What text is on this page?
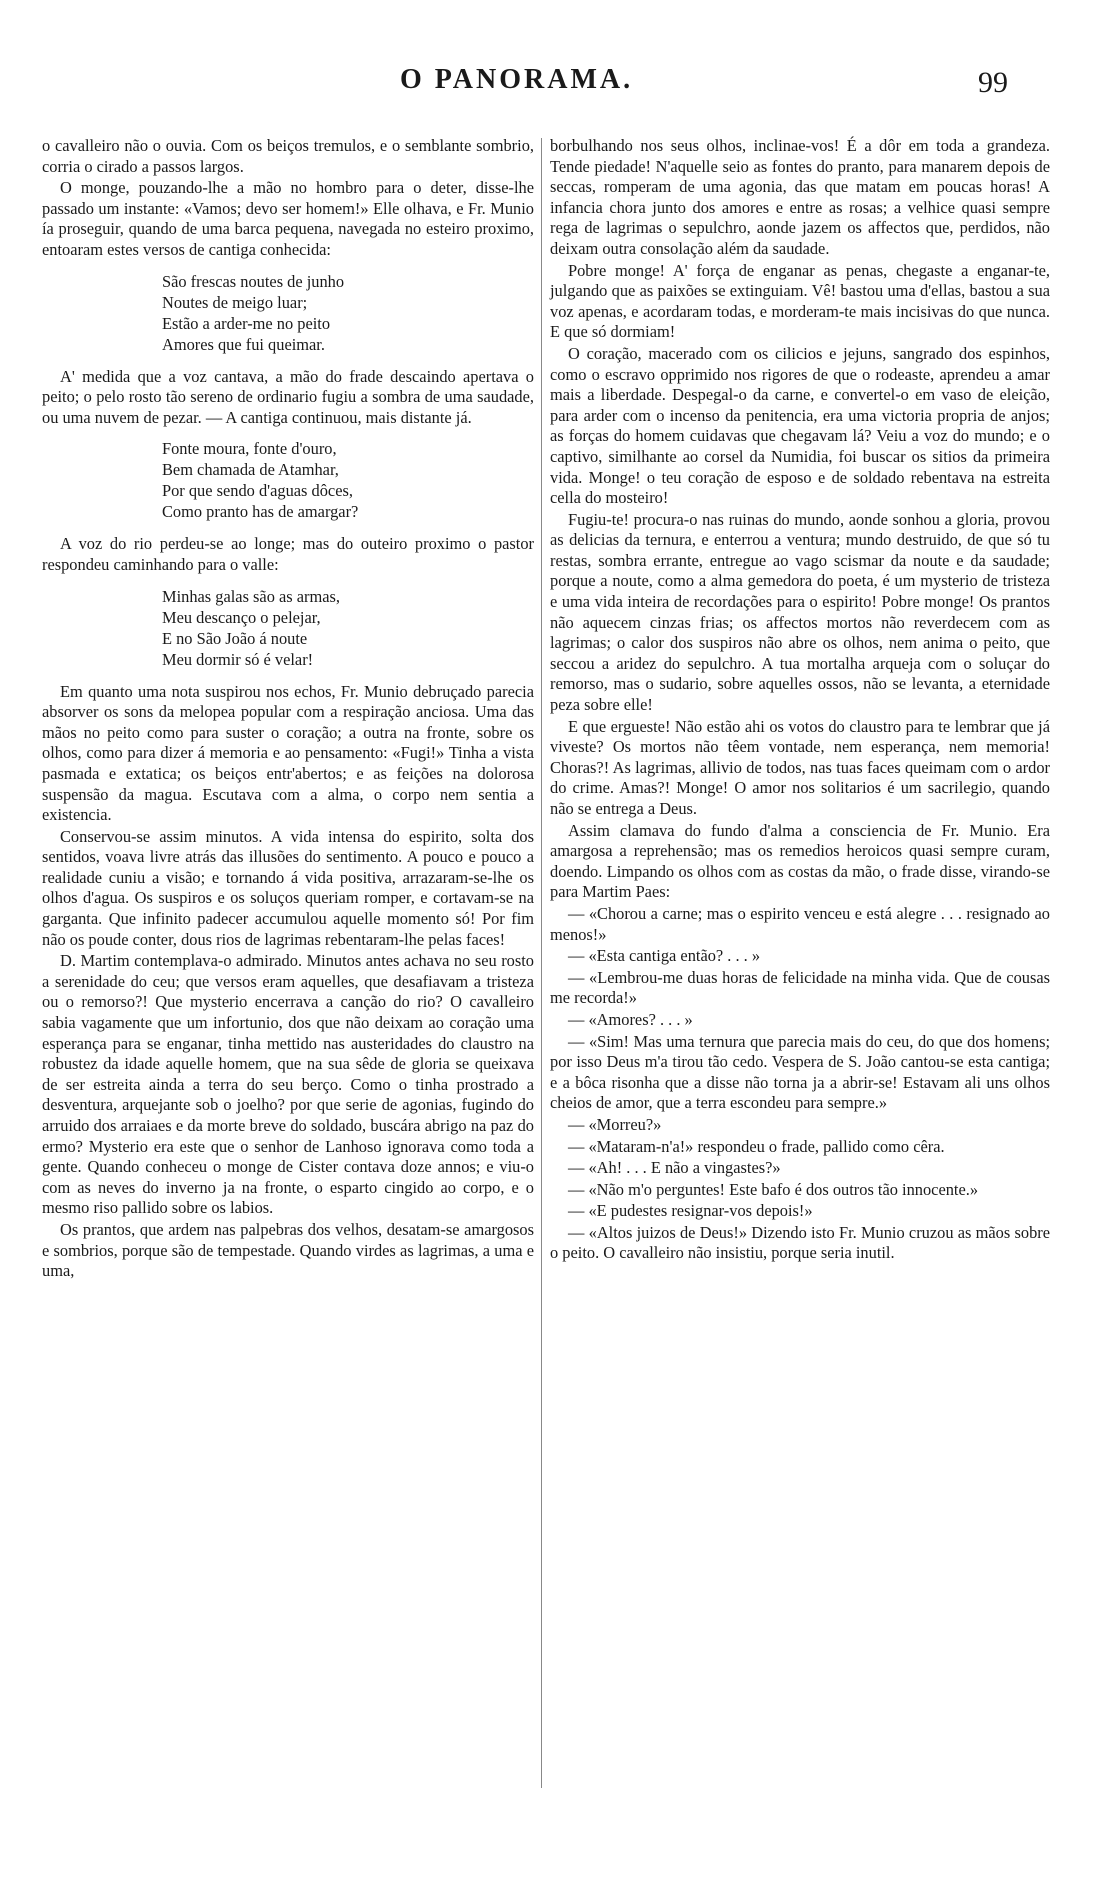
O PANORAMA.	99

o cavalleiro não o ouvia. Com os beiços tremulos, e o semblante sombrio, corria o cirado a passos largos.

O monge, pouzando-lhe a mão no hombro para o deter, disse-lhe passado um instante: «Vamos; devo ser homem!» Elle olhava, e Fr. Munio ía proseguir, quando de uma barca pequena, navegada no esteiro proximo, entoaram estes versos de cantiga conhecida:

São frescas noutes de junho
Noutes de meigo luar;
Estão a arder-me no peito
Amores que fui queimar.

A' medida que a voz cantava, a mão do frade descaindo apertava o peito; o pelo rosto tão sereno de ordinario fugiu a sombra de uma saudade, ou uma nuvem de pezar. — A cantiga continuou, mais distante já.

Fonte moura, fonte d'ouro,
Bem chamada de Atamhar,
Por que sendo d'aguas dôces,
Como pranto has de amargar?

A voz do rio perdeu-se ao longe; mas do outeiro proximo o pastor respondeu caminhando para o valle:

Minhas galas são as armas,
Meu descanço o pelejar,
E no São João á noute
Meu dormir só é velar!

Em quanto uma nota suspirou nos echos, Fr. Munio debruçado parecia absorver os sons da melopea popular com a respiração anciosa. Uma das mãos no peito como para suster o coração; a outra na fronte, sobre os olhos, como para dizer á memoria e ao pensamento: «Fugi!» Tinha a vista pasmada e extatica; os beiços entr'abertos; e as feições na dolorosa suspensão da magua. Escutava com a alma, o corpo nem sentia a existencia.

Conservou-se assim minutos. A vida intensa do espirito, solta dos sentidos, voava livre atrás das illusões do sentimento. A pouco e pouco a realidade cuniu a visão; e tornando á vida positiva, arrazaram-se-lhe os olhos d'agua. Os suspiros e os soluços queriam romper, e cortavam-se na garganta. Que infinito padecer accumulou aquelle momento só! Por fim não os poude conter, dous rios de lagrimas rebentaram-lhe pelas faces!

D. Martim contemplava-o admirado. Minutos antes achava no seu rosto a serenidade do ceu; que versos eram aquelles, que desafiavam a tristeza ou o remorso?! Que mysterio encerrava a canção do rio? O cavalleiro sabia vagamente que um infortunio, dos que não deixam ao coração uma esperança para se enganar, tinha mettido nas austeridades do claustro na robustez da idade aquelle homem, que na sua sêde de gloria se queixava de ser estreita ainda a terra do seu berço. Como o tinha prostrado a desventura, arquejante sob o joelho? por que serie de agonias, fugindo do arruido dos arraiaes e da morte breve do soldado, buscára abrigo na paz do ermo? Mysterio era este que o senhor de Lanhoso ignorava como toda a gente. Quando conheceu o monge de Cister contava doze annos; e viu-o com as neves do inverno ja na fronte, o esparto cingido ao corpo, e o mesmo riso pallido sobre os labios.

Os prantos, que ardem nas palpebras dos velhos, desatam-se amargosos e sombrios, porque são de tempestade. Quando virdes as lagrimas, a uma e uma,

borbulhando nos seus olhos, inclinae-vos! É a dôr em toda a grandeza. Tende piedade! N'aquelle seio as fontes do pranto, para manarem depois de seccas, romperam de uma agonia, das que matam em poucas horas! A infancia chora junto dos amores e entre as rosas; a velhice quasi sempre rega de lagrimas o sepulchro, aonde jazem os affectos que, perdidos, não deixam outra consolação além da saudade.

Pobre monge! A' força de enganar as penas, chegaste a enganar-te, julgando que as paixões se extinguiam. Vê! bastou uma d'ellas, bastou a sua voz apenas, e acordaram todas, e morderam-te mais incisivas do que nunca. E que só dormiam!

O coração, macerado com os cilicios e jejuns, sangrado dos espinhos, como o escravo opprimido nos rigores de que o rodeaste, aprendeu a amar mais a liberdade. Despegal-o da carne, e convertel-o em vaso de eleição, para arder com o incenso da penitencia, era uma victoria propria de anjos; as forças do homem cuidavas que chegavam lá? Veiu a voz do mundo; e o captivo, similhante ao corsel da Numidia, foi buscar os sitios da primeira vida. Monge! o teu coração de esposo e de soldado rebentava na estreita cella do mosteiro!

Fugiu-te! procura-o nas ruinas do mundo, aonde sonhou a gloria, provou as delicias da ternura, e enterrou a ventura; mundo destruido, de que só tu restas, sombra errante, entregue ao vago scismar da noute e da saudade; porque a noute, como a alma gemedora do poeta, é um mysterio de tristeza e uma vida inteira de recordações para o espirito! Pobre monge! Os prantos não aquecem cinzas frias; os affectos mortos não reverdecem com as lagrimas; o calor dos suspiros não abre os olhos, nem anima o peito, que seccou a aridez do sepulchro. A tua mortalha arqueja com o soluçar do remorso, mas o sudario, sobre aquelles ossos, não se levanta, a eternidade peza sobre elle!

E que ergueste! Não estão ahi os votos do claustro para te lembrar que já viveste? Os mortos não têem vontade, nem esperança, nem memoria! Choras?! As lagrimas, allivio de todos, nas tuas faces queimam com o ardor do crime. Amas?! Monge! O amor nos solitarios é um sacrilegio, quando não se entrega a Deus.

Assim clamava do fundo d'alma a consciencia de Fr. Munio. Era amargosa a reprehensão; mas os remedios heroicos quasi sempre curam, doendo. Limpando os olhos com as costas da mão, o frade disse, virando-se para Martim Paes:

— «Chorou a carne; mas o espirito venceu e está alegre . . . resignado ao menos!»

— «Esta cantiga então? . . . »

— «Lembrou-me duas horas de felicidade na minha vida. Que de cousas me recorda!»

— «Amores? . . . »

— «Sim! Mas uma ternura que parecia mais do ceu, do que dos homens; por isso Deus m'a tirou tão cedo. Vespera de S. João cantou-se esta cantiga; e a bôca risonha que a disse não torna ja a abrir-se! Estavam ali uns olhos cheios de amor, que a terra escondeu para sempre.»

— «Morreu?»

— «Mataram-n'a!» respondeu o frade, pallido como cêra.

— «Ah! . . . E não a vingastes?»

— «Não m'o perguntes! Este bafo é dos outros tão innocente.»

— «E pudestes resignar-vos depois!»

— «Altos juizos de Deus!» Dizendo isto Fr. Munio cruzou as mãos sobre o peito. O cavalleiro não insistiu, porque seria inutil.
